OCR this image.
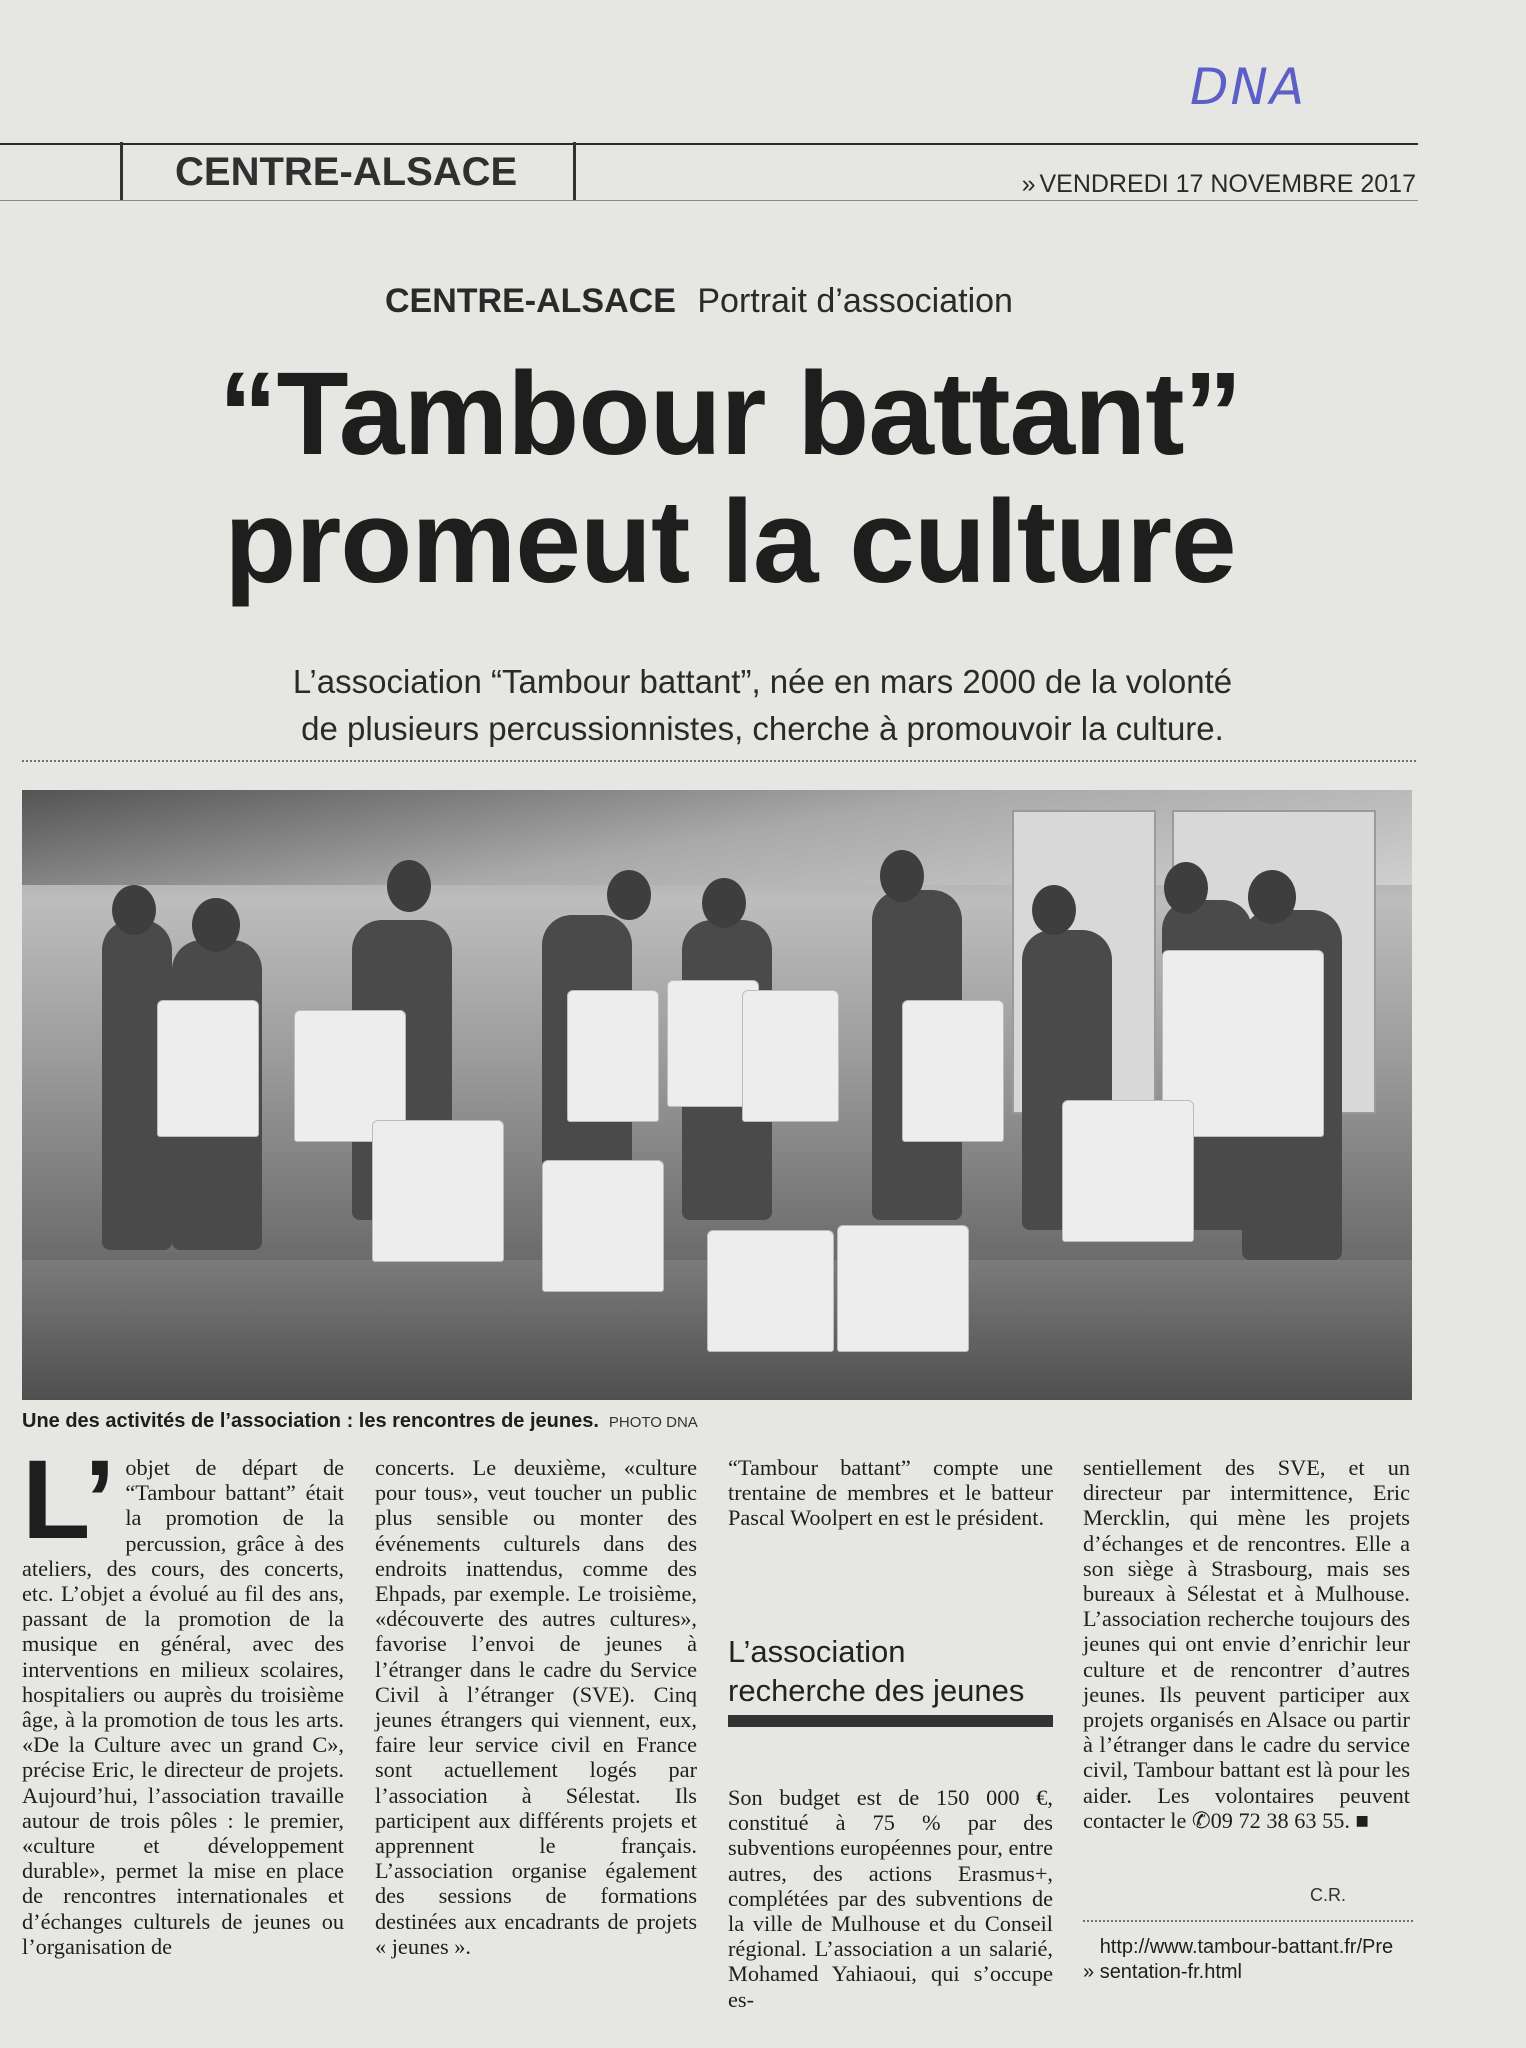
DNA
CENTRE-ALSACE	» VENDREDI 17 NOVEMBRE 2017
CENTRE-ALSACE Portrait d’association
“Tambour battant”
promeut la culture
L’association “Tambour battant”, née en mars 2000 de la volonté
de plusieurs percussionnistes, cherche à promouvoir la culture.
Une des activités de l’association : les rencontres de jeunes. PHOTO DNA
L’ objet de départ de “Tambour battant” était la promotion de la percussion, grâce à des ateliers, des cours, des concerts, etc. L’objet a évolué au fil des ans, passant de la promotion de la musique en général, avec des interventions en milieux scolaires, hospitaliers ou auprès du troisième âge, à la promotion de tous les arts. «De la Culture avec un grand C», précise Eric, le directeur de projets. Aujourd’hui, l’association travaille autour de trois pôles : le premier, «culture et développement durable», permet la mise en place de rencontres internationales et d’échanges culturels de jeunes ou l’organisation de

concerts. Le deuxième, «culture pour tous», veut toucher un public plus sensible ou monter des événements culturels dans des endroits inattendus, comme des Ehpads, par exemple. Le troisième, «découverte des autres cultures», favorise l’envoi de jeunes à l’étranger dans le cadre du Service Civil à l’étranger (SVE). Cinq jeunes étrangers qui viennent, eux, faire leur service civil en France sont actuellement logés par l’association à Sélestat. Ils participent aux différents projets et apprennent le français. L’association organise également des sessions de formations destinées aux encadrants de projets « jeunes ».

“Tambour battant” compte une trentaine de membres et le batteur Pascal Woolpert en est le président.

L’association
recherche des jeunes

Son budget est de 150 000 €, constitué à 75 % par des subventions européennes pour, entre autres, des actions Erasmus+, complétées par des subventions de la ville de Mulhouse et du Conseil régional. L’association a un salarié, Mohamed Yahiaoui, qui s’occupe es-

sentiellement des SVE, et un directeur par intermittence, Eric Mercklin, qui mène les projets d’échanges et de rencontres. Elle a son siège à Strasbourg, mais ses bureaux à Sélestat et à Mulhouse. L’association recherche toujours des jeunes qui ont envie d’enrichir leur culture et de rencontrer d’autres jeunes. Ils peuvent participer aux projets organisés en Alsace ou partir à l’étranger dans le cadre du service civil, Tambour battant est là pour les aider. Les volontaires peuvent contacter le ✆09 72 38 63 55. ■

C.R.
» http://www.tambour-battant.fr/Presentation-fr.html
